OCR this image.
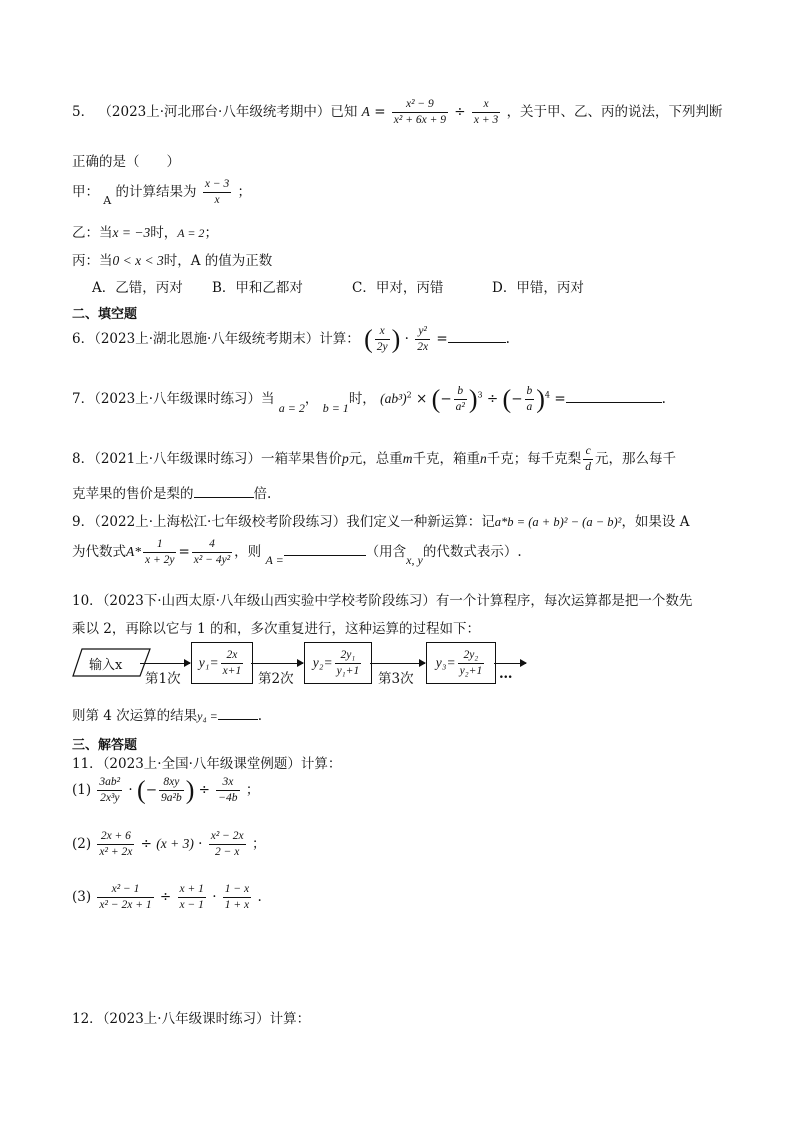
5． （2023上·河北邢台·八年级统考期中）已知 $A = \frac{\text{x² − 9}}{\text{x² + 6x + 9}} \div \frac{x}{x + 3}$ ，关于甲、乙、丙的说法，下列判断
正确的是（　　）
甲： $_A$ 的计算结果为 $\frac{x - 3}{x}$ ；
乙：当x = −3时，A = 2；
丙：当0 < x < 3时，A 的值为正数
A．乙错，丙对 B．甲和乙都对	C．甲对，丙错	D．甲错，丙对
二、填空题
6．（2023上·湖北恩施·八年级统考期末）计算： ( $\frac{x}{2y}$ ) · $\frac{\text{y²}}{2x}$ =	.
7．（2023上·八年级课时练习）当 a = 2， b = 1时， $(ab^3)^2$ × (− $\frac{b}{\text{a²}} )^3$ ÷ (− $\frac{b}{a} )^4$ =	.
8．（2021上·八年级课时练习）一箱苹果售价p元，总重m千克，箱重n千克；每千克梨 $\frac{c}{d}$ 元，那么每千
克苹果的售价是梨的	倍.
9．（2022上·上海松江·七年级校考阶段练习）我们定义一种新运算：记a*b = (a + b)² − (a − b)²，如果设 A
为代数式$A* \frac{1}{x + 2y} = \frac{4}{\text{x² − 4y²}}$ ，则 A =	（用含x, y的代数式表示）.
10．（2023下·山西太原·八年级山西实验中学校考阶段练习）有一个计算程序，每次运算都是把一个数先
乘以 2，再除以它与 1 的和，多次重复进行，这种运算的过程如下：
输入x
第1次
$y_1= \frac{2x}{x+1}$
第2次
$y_2= \frac{\text{2y₁}}{\text{y₁+1}}$
第3次
$y_3= \frac{\text{2y₂}}{\text{y₂+1}}$ …
则第 4 次运算的结果y₄ =	.
三、解答题
11．（2023上·全国·八年级课堂例题）计算：
$(1) \frac{\text{3ab²}}{\text{2x³y}}$ · (− $\frac{8xy}{\text{9a²b}}$ ) ÷ $\frac{3x}{-4b}$ ；
$(2) \frac{2x + 6}{\text{x² + 2x}} \div (x + 3) \cdot \frac{\text{x² − 2x}}{2 - x}$ ；
$(3) \frac{\text{x² − 1}}{\text{x² − 2x + 1}} \div \frac{x + 1}{x - 1} \cdot \frac{1 - x}{1 + x}$ .
12．（2023上·八年级课时练习）计算：
